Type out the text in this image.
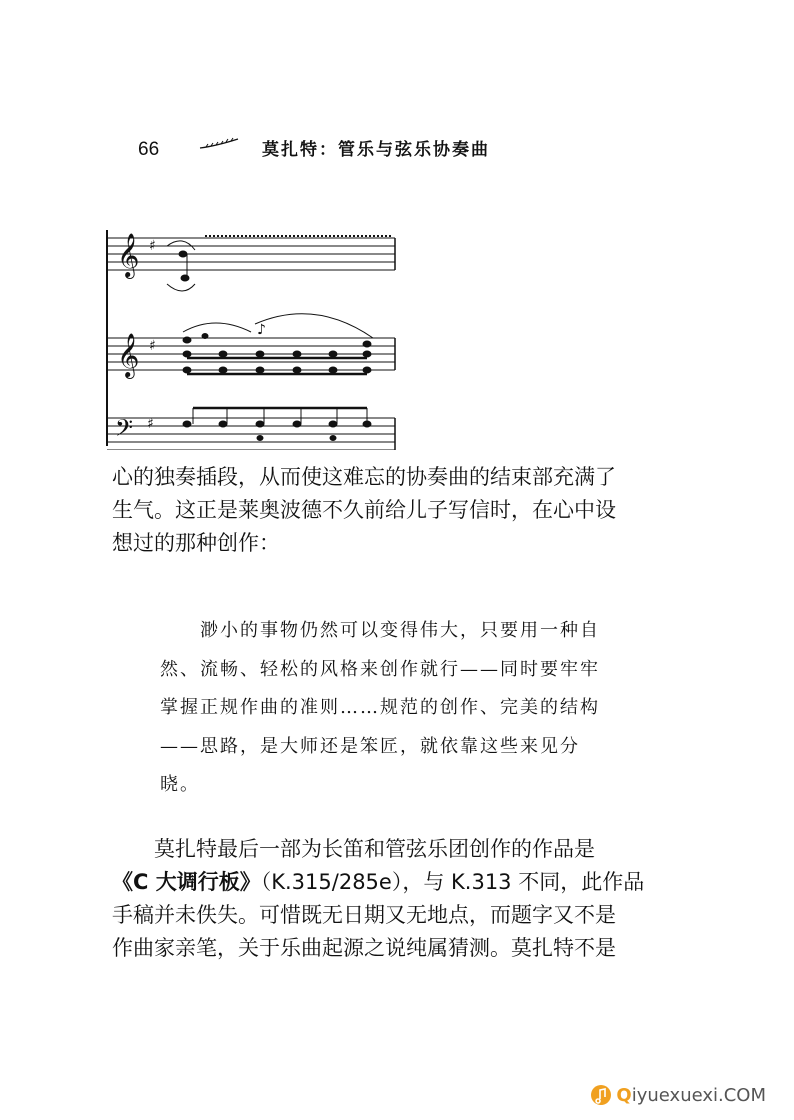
66	莫扎特：管乐与弦乐协奏曲
𝄞 ♯
𝄞 ♯
♪
𝄢 ♯

心的独奏插段，从而使这难忘的协奏曲的结束部充满了

生气。这正是莱奥波德不久前给儿子写信时，在心中设

想过的那种创作：

渺小的事物仍然可以变得伟大，只要用一种自

然、流畅、轻松的风格来创作就行——同时要牢牢

掌握正规作曲的准则……规范的创作、完美的结构

——思路，是大师还是笨匠，就依靠这些来见分

晓。

莫扎特最后一部为长笛和管弦乐团创作的作品是

《C 大调行板》（K.315/285e），与 K.313 不同，此作品

手稿并未佚失。可惜既无日期又无地点，而题字又不是

作曲家亲笔，关于乐曲起源之说纯属猜测。莫扎特不是

Q iyuexuexi.COM
